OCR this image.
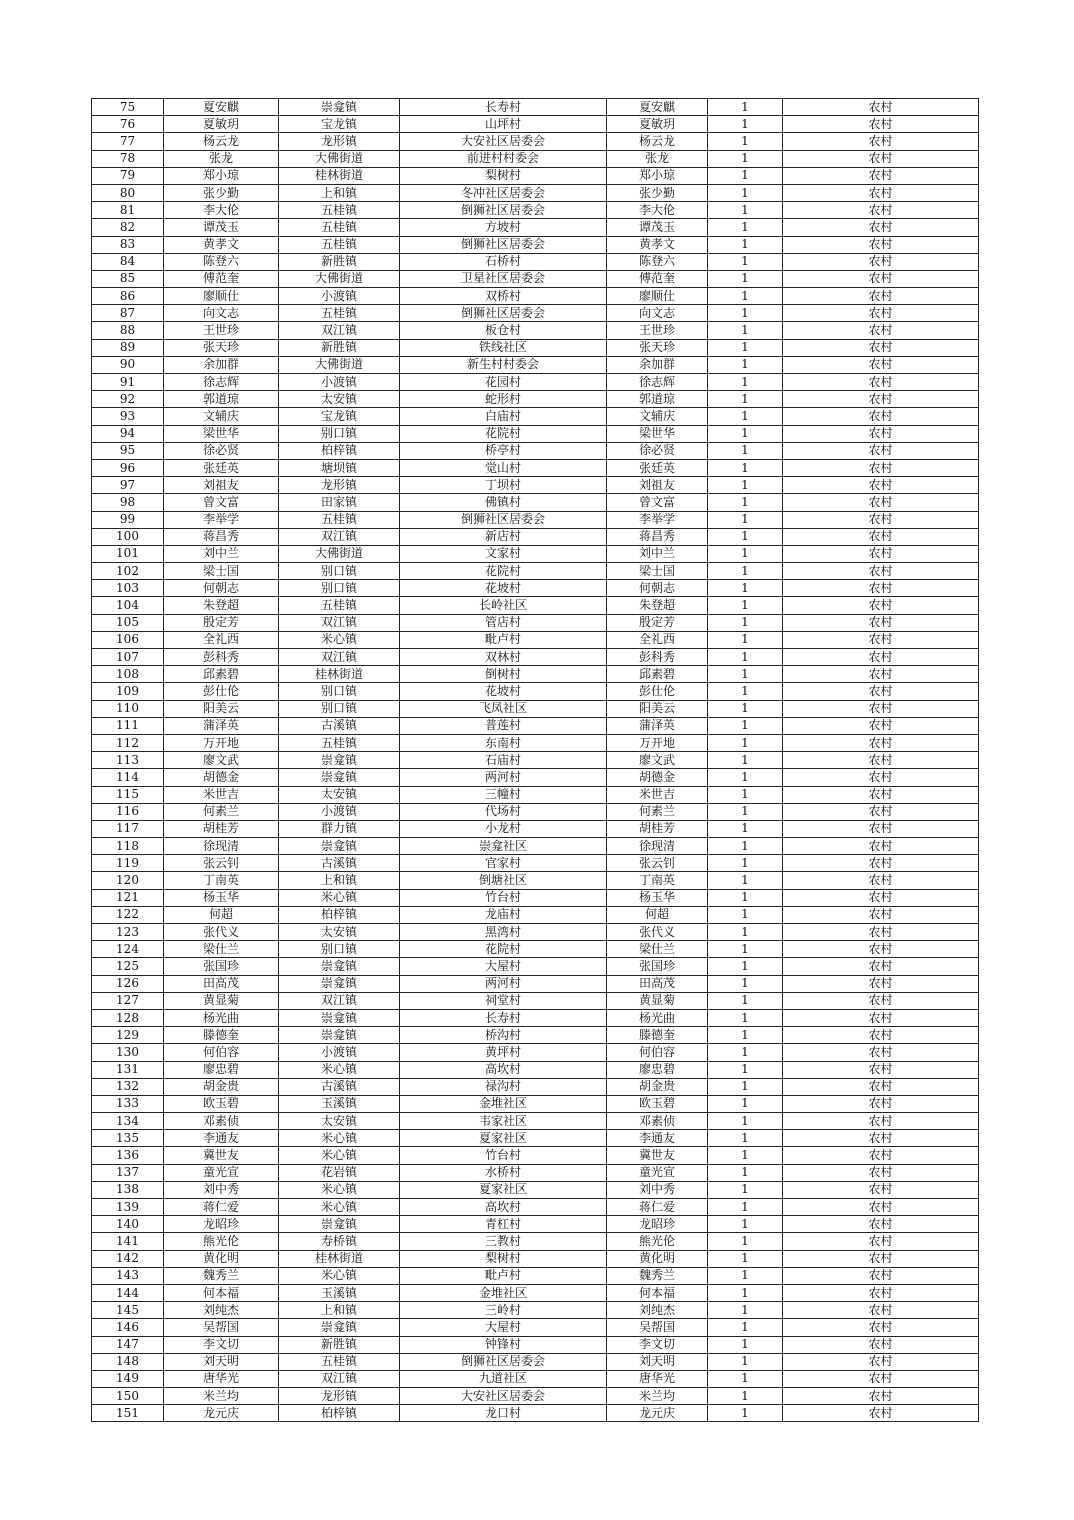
75	夏安麒	崇龛镇	长寿村	夏安麒	1	农村
76	夏敏玥	宝龙镇	山坪村	夏敏玥	1	农村
77	杨云龙	龙形镇	大安社区居委会	杨云龙	1	农村
78	张龙	大佛街道	前进村村委会	张龙	1	农村
79	郑小琼	桂林街道	梨树村	郑小琼	1	农村
80	张少勤	上和镇	冬冲社区居委会	张少勤	1	农村
81	李大伦	五桂镇	倒狮社区居委会	李大伦	1	农村
82	谭茂玉	五桂镇	方坡村	谭茂玉	1	农村
83	黄孝文	五桂镇	倒狮社区居委会	黄孝文	1	农村
84	陈登六	新胜镇	石桥村	陈登六	1	农村
85	傅范奎	大佛街道	卫星社区居委会	傅范奎	1	农村
86	廖顺仕	小渡镇	双桥村	廖顺仕	1	农村
87	向文志	五桂镇	倒狮社区居委会	向文志	1	农村
88	王世珍	双江镇	板仓村	王世珍	1	农村
89	张天珍	新胜镇	铁线社区	张天珍	1	农村
90	余加群	大佛街道	新生村村委会	余加群	1	农村
91	徐志辉	小渡镇	花园村	徐志辉	1	农村
92	郭道琼	太安镇	蛇形村	郭道琼	1	农村
93	文辅庆	宝龙镇	白庙村	文辅庆	1	农村
94	梁世华	别口镇	花院村	梁世华	1	农村
95	徐必贤	柏梓镇	桥亭村	徐必贤	1	农村
96	张廷英	塘坝镇	觉山村	张廷英	1	农村
97	刘祖友	龙形镇	丁坝村	刘祖友	1	农村
98	曾文富	田家镇	佛镇村	曾文富	1	农村
99	李举学	五桂镇	倒狮社区居委会	李举学	1	农村
100	蒋昌秀	双江镇	新店村	蒋昌秀	1	农村
101	刘中兰	大佛街道	文家村	刘中兰	1	农村
102	梁士国	别口镇	花院村	梁士国	1	农村
103	何朝志	别口镇	花坡村	何朝志	1	农村
104	朱登超	五桂镇	长岭社区	朱登超	1	农村
105	殷定芳	双江镇	管店村	殷定芳	1	农村
106	全礼西	米心镇	毗卢村	全礼西	1	农村
107	彭科秀	双江镇	双林村	彭科秀	1	农村
108	邱素碧	桂林街道	倒树村	邱素碧	1	农村
109	彭仕伦	别口镇	花坡村	彭仕伦	1	农村
110	阳美云	别口镇	飞凤社区	阳美云	1	农村
111	蒲泽英	古溪镇	普莲村	蒲泽英	1	农村
112	万开地	五桂镇	东南村	万开地	1	农村
113	廖文武	崇龛镇	石庙村	廖文武	1	农村
114	胡德金	崇龛镇	两河村	胡德金	1	农村
115	米世吉	太安镇	三幢村	米世吉	1	农村
116	何素兰	小渡镇	代场村	何素兰	1	农村
117	胡桂芳	群力镇	小龙村	胡桂芳	1	农村
118	徐现清	崇龛镇	崇龛社区	徐现清	1	农村
119	张云钊	古溪镇	官家村	张云钊	1	农村
120	丁南英	上和镇	倒塘社区	丁南英	1	农村
121	杨玉华	米心镇	竹台村	杨玉华	1	农村
122	何超	柏梓镇	龙庙村	何超	1	农村
123	张代义	太安镇	黑湾村	张代义	1	农村
124	梁仕兰	别口镇	花院村	梁仕兰	1	农村
125	张国珍	崇龛镇	大屋村	张国珍	1	农村
126	田高茂	崇龛镇	两河村	田高茂	1	农村
127	黄显菊	双江镇	祠堂村	黄显菊	1	农村
128	杨光曲	崇龛镇	长寿村	杨光曲	1	农村
129	滕德奎	崇龛镇	桥沟村	滕德奎	1	农村
130	何伯容	小渡镇	黄坪村	何伯容	1	农村
131	廖忠碧	米心镇	高坎村	廖忠碧	1	农村
132	胡金贵	古溪镇	禄沟村	胡金贵	1	农村
133	欧玉碧	玉溪镇	金堆社区	欧玉碧	1	农村
134	邓素侦	太安镇	韦家社区	邓素侦	1	农村
135	李通友	米心镇	夏家社区	李通友	1	农村
136	冀世友	米心镇	竹台村	冀世友	1	农村
137	童光宣	花岩镇	水桥村	童光宣	1	农村
138	刘中秀	米心镇	夏家社区	刘中秀	1	农村
139	蒋仁爱	米心镇	高坎村	蒋仁爱	1	农村
140	龙昭珍	崇龛镇	青杠村	龙昭珍	1	农村
141	熊光伦	寿桥镇	三教村	熊光伦	1	农村
142	黄化明	桂林街道	梨树村	黄化明	1	农村
143	魏秀兰	米心镇	毗卢村	魏秀兰	1	农村
144	何本福	玉溪镇	金堆社区	何本福	1	农村
145	刘纯杰	上和镇	三岭村	刘纯杰	1	农村
146	吴帮国	崇龛镇	大屋村	吴帮国	1	农村
147	李文切	新胜镇	钟锋村	李文切	1	农村
148	刘天明	五桂镇	倒狮社区居委会	刘天明	1	农村
149	唐华光	双江镇	九道社区	唐华光	1	农村
150	米兰均	龙形镇	大安社区居委会	米兰均	1	农村
151	龙元庆	柏梓镇	龙口村	龙元庆	1	农村
